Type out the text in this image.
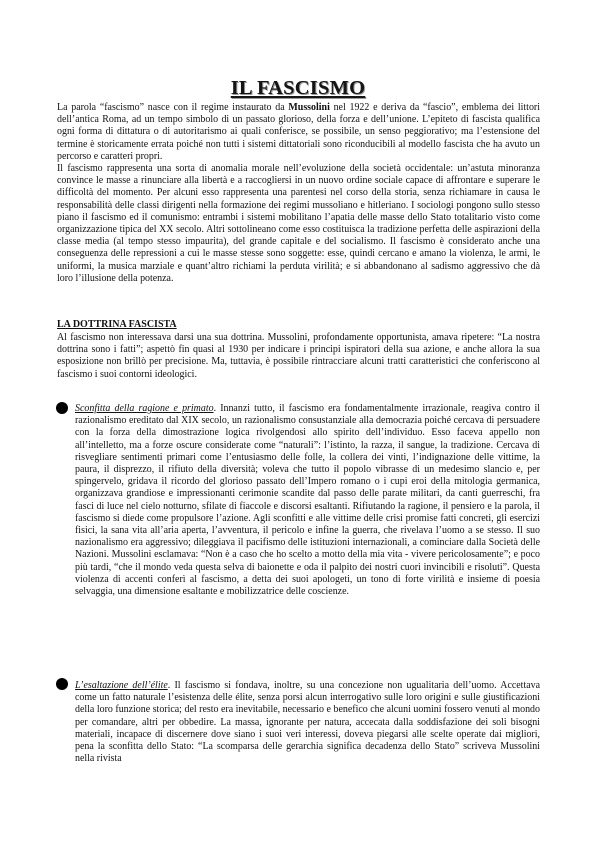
IL FASCISMO

La parola “fascismo” nasce con il regime instaurato da Mussolini nel 1922 e deriva da “fascio”, emblema dei littori dell’antica Roma, ad un tempo simbolo di un passato glorioso, della forza e dell’unione. L’epiteto di fascista qualifica ogni forma di dittatura o di autoritarismo ai quali conferisce, se possibile, un senso peggiorativo; ma l’estensione del termine è storicamente errata poiché non tutti i sistemi dittatoriali sono riconducibili al modello fascista che ha avuto un percorso e caratteri propri.

Il fascismo rappresenta una sorta di anomalia morale nell’evoluzione della società occidentale: un’astuta minoranza convince le masse a rinunciare alla libertà e a raccogliersi in un nuovo ordine sociale capace di affrontare e superare le difficoltà del momento. Per alcuni esso rappresenta una parentesi nel corso della storia, senza richiamare in causa le responsabilità delle classi dirigenti nella formazione dei regimi mussoliano e hitleriano. I sociologi pongono sullo stesso piano il fascismo ed il comunismo: entrambi i sistemi mobilitano l’apatia delle masse dello Stato totalitario visto come organizzazione tipica del XX secolo. Altri sottolineano come esso costituisca la tradizione perfetta delle aspirazioni della classe media (al tempo stesso impaurita), del grande capitale e del socialismo. Il fascismo è considerato anche una conseguenza delle repressioni a cui le masse stesse sono soggette: esse, quindi cercano e amano la violenza, le armi, le uniformi, la musica marziale e quant’altro richiami la perduta virilità; e si abbandonano al sadismo aggressivo che dà loro l’illusione della potenza.

LA DOTTRINA FASCISTA

Al fascismo non interessava darsi una sua dottrina. Mussolini, profondamente opportunista, amava ripetere: “La nostra dottrina sono i fatti”; aspettò fin quasi al 1930 per indicare i principi ispiratori della sua azione, e anche allora la sua esposizione non brillò per precisione. Ma, tuttavia, è possibile rintracciare alcuni tratti caratteristici che conferiscono al fascismo i suoi contorni ideologici.

Sconfitta della ragione e primato. Innanzi tutto, il fascismo era fondamentalmente irrazionale, reagiva contro il razionalismo ereditato dal XIX secolo, un razionalismo consustanziale alla democrazia poiché cercava di persuadere con la forza della dimostrazione logica rivolgendosi allo spirito dell’individuo. Esso faceva appello non all’intelletto, ma a forze oscure considerate come “naturali”: l’istinto, la razza, il sangue, la tradizione. Cercava di risvegliare sentimenti primari come l’entusiasmo delle folle, la collera dei vinti, l’indignazione delle vittime, la paura, il disprezzo, il rifiuto della diversità; voleva che tutto il popolo vibrasse di un medesimo slancio e, per spingervelo, gridava il ricordo del glorioso passato dell’Impero romano o i cupi eroi della mitologia germanica, organizzava grandiose e impressionanti cerimonie scandite dal passo delle parate militari, da canti guerreschi, fra fasci di luce nel cielo notturno, sfilate di fiaccole e discorsi esaltanti. Rifiutando la ragione, il pensiero e la parola, il fascismo si diede come propulsore l’azione. Agli sconfitti e alle vittime delle crisi promise fatti concreti, gli esercizi fisici, la sana vita all’aria aperta, l’avventura, il pericolo e infine la guerra, che rivelava l’uomo a se stesso. Il suo nazionalismo era aggressivo; dileggiava il pacifismo delle istituzioni internazionali, a cominciare dalla Società delle Nazioni. Mussolini esclamava: “Non è a caso che ho scelto a motto della mia vita - vivere pericolosamente”; e poco più tardi, “che il mondo veda questa selva di baionette e oda il palpito dei nostri cuori invincibili e risoluti”. Questa violenza di accenti conferì al fascismo, a detta dei suoi apologeti, un tono di forte virilità e insieme di poesia selvaggia, una dimensione esaltante e mobilizzatrice delle coscienze.

L’esaltazione dell’élite. Il fascismo si fondava, inoltre, su una concezione non ugualitaria dell’uomo. Accettava come un fatto naturale l’esistenza delle élite, senza porsi alcun interrogativo sulle loro origini e sulle giustificazioni della loro funzione storica; del resto era inevitabile, necessario e benefico che alcuni uomini fossero venuti al mondo per comandare, altri per obbedire. La massa, ignorante per natura, accecata dalla soddisfazione dei soli bisogni materiali, incapace di discernere dove siano i suoi veri interessi, doveva piegarsi alle scelte operate dai migliori, pena la sconfitta dello Stato: “La scomparsa delle gerarchia significa decadenza dello Stato” scriveva Mussolini nella rivista
